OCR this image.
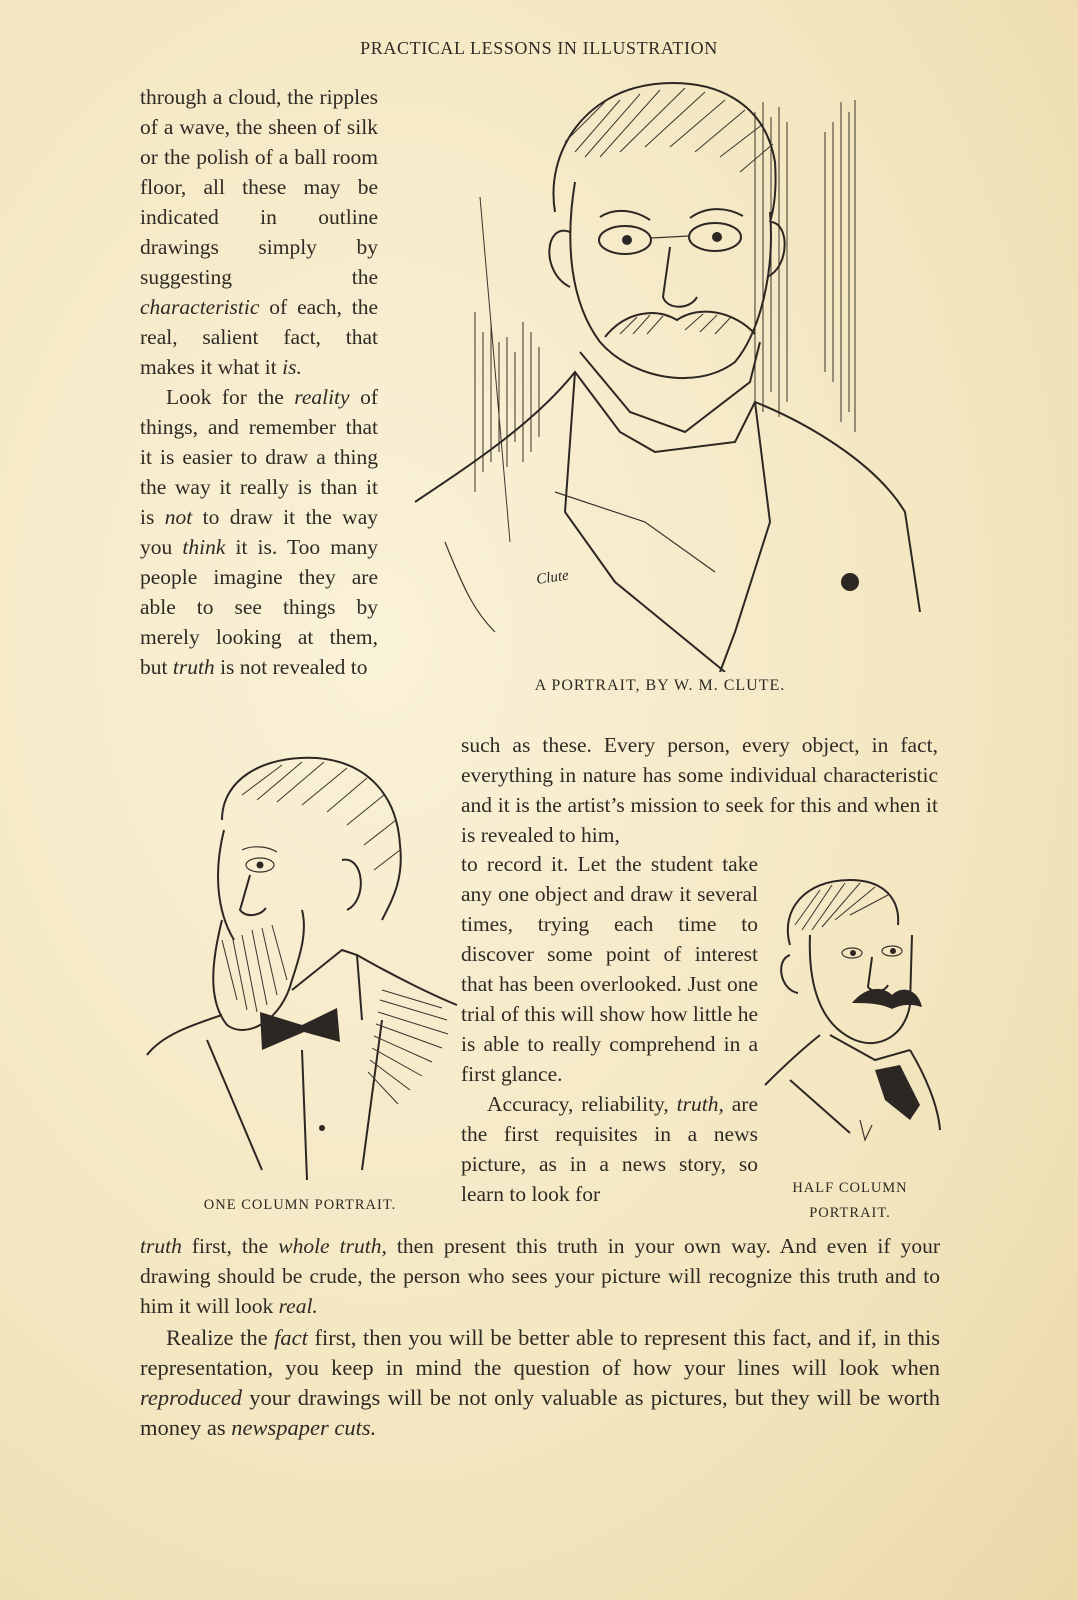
PRACTICAL LESSONS IN ILLUSTRATION

through a cloud, the ripples of a wave, the sheen of silk or the polish of a ball room floor, all these may be indicated in outline drawings simply by suggesting the characteristic of each, the real, salient fact, that makes it what it is.

Look for the reality of things, and remember that it is easier to draw a thing the way it really is than it is not to draw it the way you think it is. Too many people imagine they are able to see things by merely looking at them, but truth is not revealed to

Clute
A PORTRAIT, BY W. M. CLUTE.

such as these. Every person, every object, in fact, everything in nature has some individual characteristic and it is the artist’s mission to seek for this and when it is revealed to him,

ONE COLUMN PORTRAIT.

to record it. Let the student take any one object and draw it several times, trying each time to discover some point of interest that has been overlooked. Just one trial of this will show how little he is able to really comprehend in a first glance.

Accuracy, reliability, truth, are the first requisites in a news picture, as in a news story, so learn to look for	HALF COLUMN
PORTRAIT.

truth first, the whole truth, then present this truth in your own way. And even if your drawing should be crude, the person who sees your picture will recognize this truth and to him it will look real.

Realize the fact first, then you will be better able to represent this fact, and if, in this representation, you keep in mind the question of how your lines will look when reproduced your drawings will be not only valuable as pictures, but they will be worth money as newspaper cuts.
